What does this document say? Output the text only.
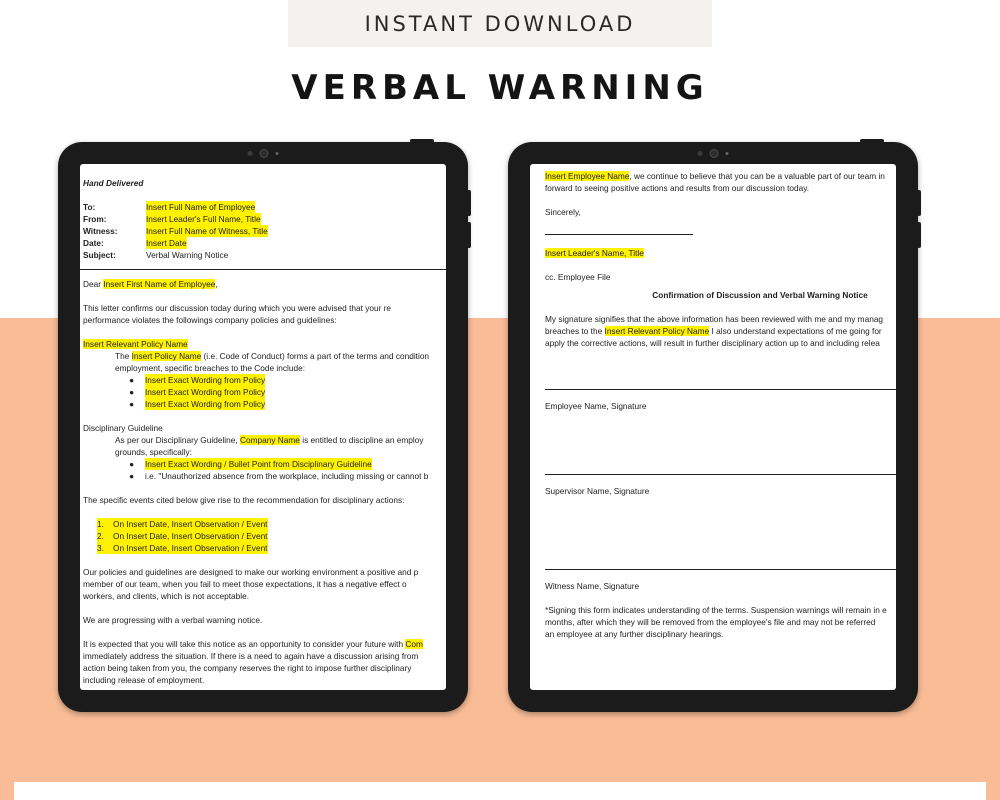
INSTANT DOWNLOAD
VERBAL WARNING
Hand Delivered
To:	Insert Full Name of Employee
From:	Insert Leader's Full Name, Title
Witness:	Insert Full Name of Witness, Title
Date:	Insert Date
Subject:	Verbal Warning Notice
Dear Insert First Name of Employee,
This letter confirms our discussion today during which you were advised that your re
performance violates the followings company policies and guidelines:
Insert Relevant Policy Name
The Insert Policy Name (i.e. Code of Conduct) forms a part of the terms and condition
employment, specific breaches to the Code include:
●	Insert Exact Wording from Policy
●	Insert Exact Wording from Policy
●	Insert Exact Wording from Policy
Disciplinary Guideline
As per our Disciplinary Guideline, Company Name is entitled to discipline an employ
grounds, specifically:
●	Insert Exact Wording / Bullet Point from Disciplinary Guideline
●	i.e. "Unauthorized absence from the workplace, including missing or cannot b
The specific events cited below give rise to the recommendation for disciplinary actions:
1.	On Insert Date, Insert Observation / Event
2.	On Insert Date, Insert Observation / Event
3.	On Insert Date, Insert Observation / Event
Our policies and guidelines are designed to make our working environment a positive and p
member of our team, when you fail to meet those expectations, it has a negative effect o
workers, and clients, which is not acceptable.
We are progressing with a verbal warning notice.
It is expected that you will take this notice as an opportunity to consider your future with Com
immediately address the situation. If there is a need to again have a discussion arising from
action being taken from you, the company reserves the right to impose further disciplinary
including release of employment.
Insert Employee Name, we continue to believe that you can be a valuable part of our team in
forward to seeing positive actions and results from our discussion today.
Sincerely,
Insert Leader's Name, Title
cc. Employee File
Confirmation of Discussion and Verbal Warning Notice
My signature signifies that the above information has been reviewed with me and my manag
breaches to the Insert Relevant Policy Name I also understand expectations of me going for
apply the corrective actions, will result in further disciplinary action up to and including relea
Employee Name, Signature
Supervisor Name, Signature
Witness Name, Signature
*Signing this form indicates understanding of the terms. Suspension warnings will remain in e
months, after which they will be removed from the employee's file and may not be referred
an employee at any further disciplinary hearings.
